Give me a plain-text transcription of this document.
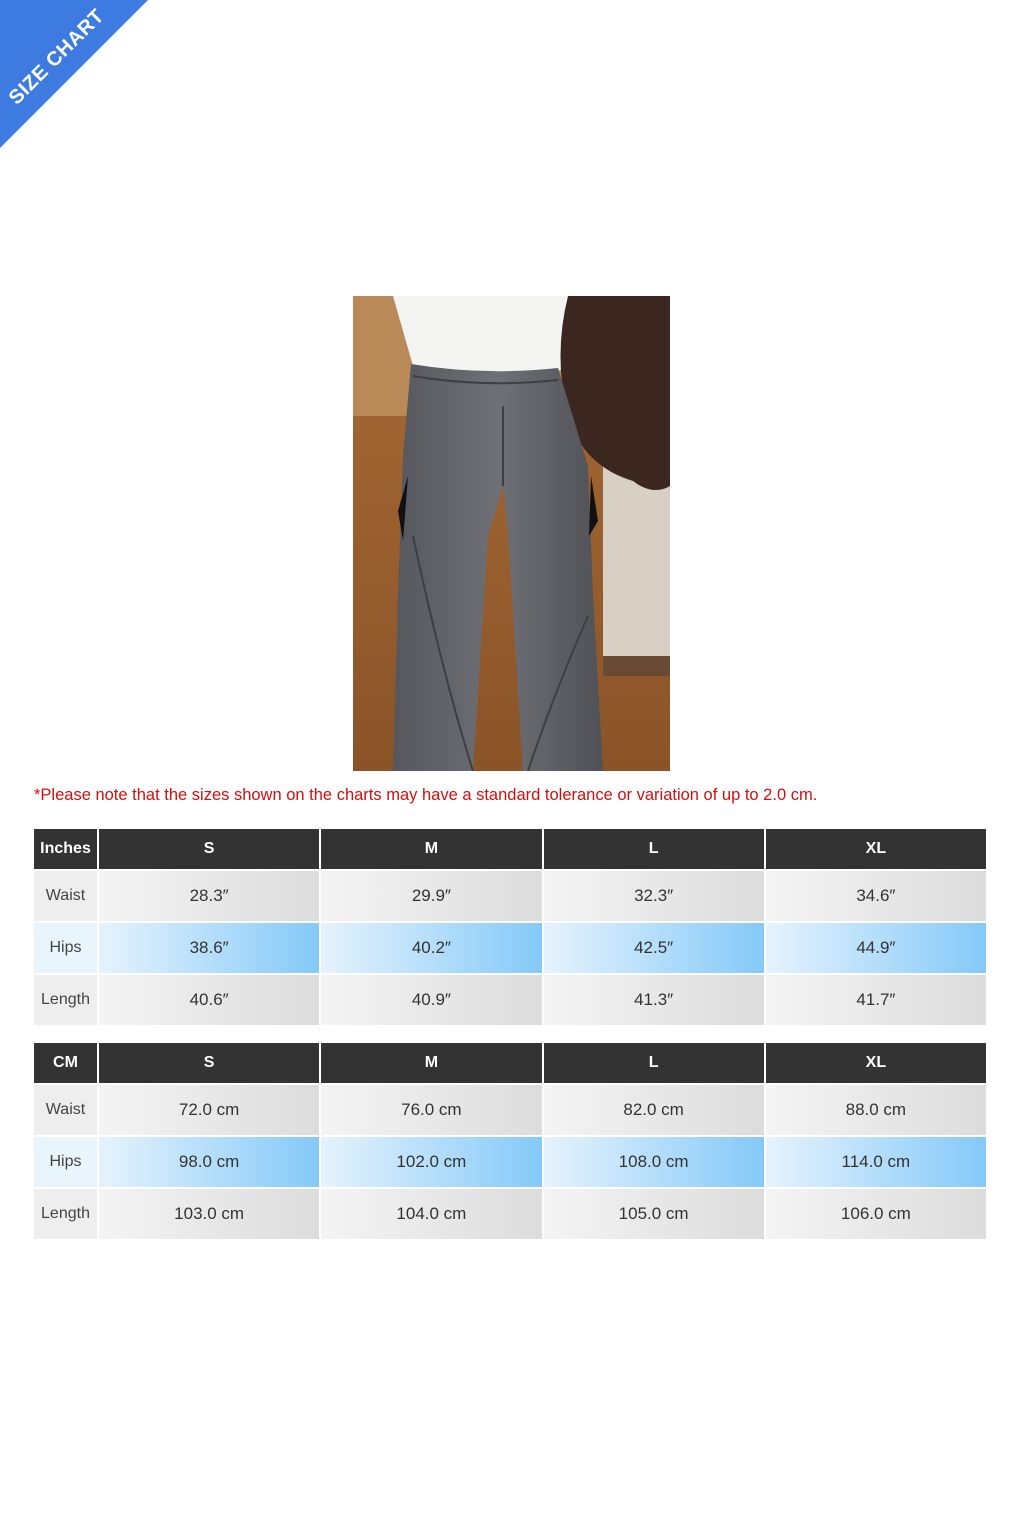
SIZE CHART
*Please note that the sizes shown on the charts may have a standard tolerance or variation of up to 2.0 cm.
Inches	S	M	L	XL
Waist	28.3″	29.9″	32.3″	34.6″
Hips	38.6″	40.2″	42.5″	44.9″
Length	40.6″	40.9″	41.3″	41.7″
CM	S	M	L	XL
Waist	72.0 cm	76.0 cm	82.0 cm	88.0 cm
Hips	98.0 cm	102.0 cm	108.0 cm	114.0 cm
Length	103.0 cm	104.0 cm	105.0 cm	106.0 cm
